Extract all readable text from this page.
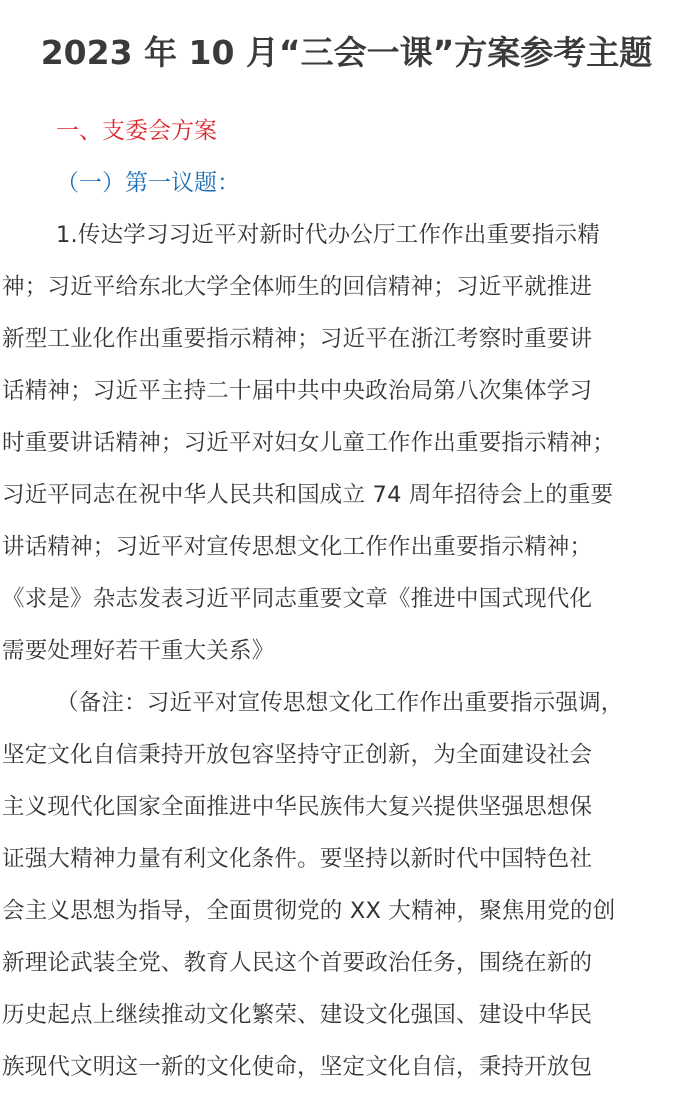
2023 年 10 月“三会一课”方案参考主题
一、支委会方案
（一）第一议题：
1.传达学习习近平对新时代办公厅工作作出重要指示精
神；习近平给东北大学全体师生的回信精神；习近平就推进
新型工业化作出重要指示精神；习近平在浙江考察时重要讲
话精神；习近平主持二十届中共中央政治局第八次集体学习
时重要讲话精神；习近平对妇女儿童工作作出重要指示精神；
习近平同志在祝中华人民共和国成立 74 周年招待会上的重要
讲话精神；习近平对宣传思想文化工作作出重要指示精神；
《求是》杂志发表习近平同志重要文章《推进中国式现代化
需要处理好若干重大关系》
（备注：习近平对宣传思想文化工作作出重要指示强调，
坚定文化自信秉持开放包容坚持守正创新，为全面建设社会
主义现代化国家全面推进中华民族伟大复兴提供坚强思想保
证强大精神力量有利文化条件。要坚持以新时代中国特色社
会主义思想为指导，全面贯彻党的 XX 大精神，聚焦用党的创
新理论武装全党、教育人民这个首要政治任务，围绕在新的
历史起点上继续推动文化繁荣、建设文化强国、建设中华民
族现代文明这一新的文化使命，坚定文化自信，秉持开放包
